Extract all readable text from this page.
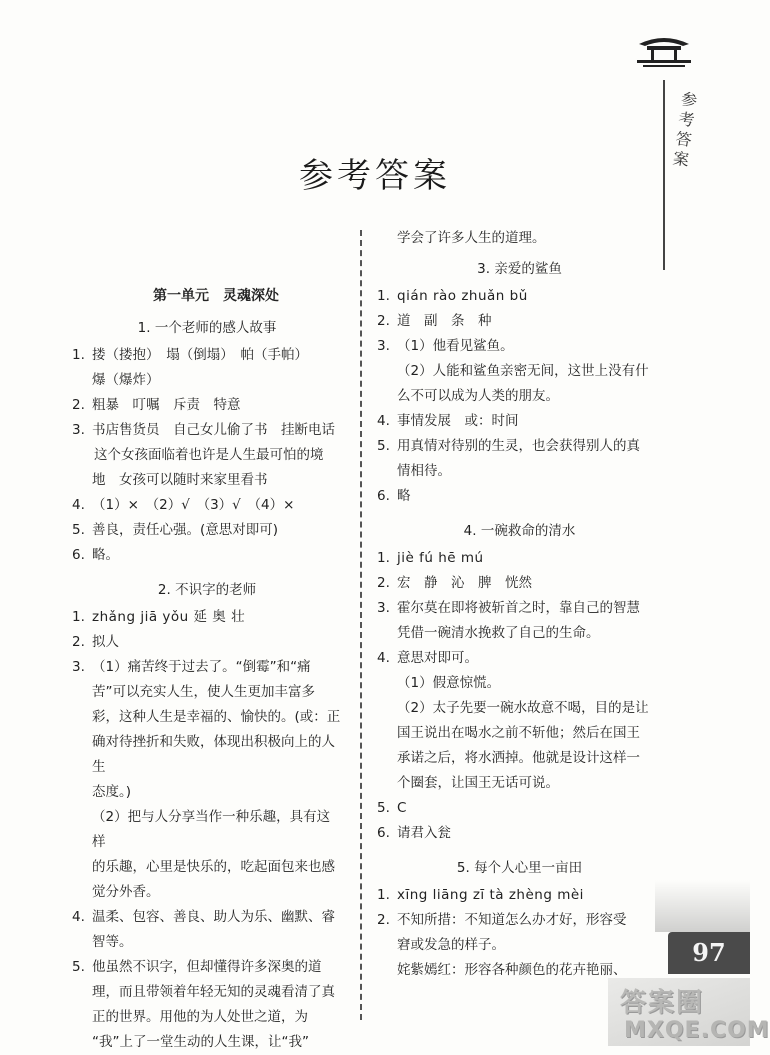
参
考
答
案
参考答案
第一单元　灵魂深处
1. 一个老师的感人故事
1. 搂（搂抱）　塌（倒塌）　帕（手帕）
爆（爆炸）
2. 粗暴　叮嘱　斥责　特意
3. 书店售货员　自己女儿偷了书　挂断电话
这个女孩面临着也许是人生最可怕的境
地　女孩可以随时来家里看书
4. （1）×　（2）√　（3）√　（4）×
5. 善良，责任心强。(意思对即可)
6. 略。
2. 不识字的老师
1. zhǎng jiā yǒu 延 奥 壮
2. 拟人
3. （1）痛苦终于过去了。“倒霉”和“痛
苦”可以充实人生，使人生更加丰富多
彩，这种人生是幸福的、愉快的。(或：正
确对待挫折和失败，体现出积极向上的人生
态度。)
（2）把与人分享当作一种乐趣，具有这样
的乐趣，心里是快乐的，吃起面包来也感
觉分外香。
4. 温柔、包容、善良、助人为乐、幽默、睿
智等。
5. 他虽然不识字，但却懂得许多深奥的道
理，而且带领着年轻无知的灵魂看清了真
正的世界。用他的为人处世之道，为
“我”上了一堂生动的人生课，让“我”
学会了许多人生的道理。
3. 亲爱的鲨鱼
1. qián rào zhuǎn bǔ
2. 道　副　条　种
3. （1）他看见鲨鱼。
（2）人能和鲨鱼亲密无间，这世上没有什
么不可以成为人类的朋友。
4. 事情发展　或：时间
5. 用真情对待别的生灵，也会获得别人的真
情相待。
6. 略
4. 一碗救命的清水
1. jiè fú hē mú
2. 宏　静　沁　脾　恍然
3. 霍尔莫在即将被斩首之时，靠自己的智慧
凭借一碗清水挽救了自己的生命。
4. 意思对即可。
（1）假意惊慌。
（2）太子先要一碗水故意不喝，目的是让
国王说出在喝水之前不斩他；然后在国王
承诺之后，将水洒掉。他就是设计这样一
个圈套，让国王无话可说。
5. C
6. 请君入瓮
5. 每个人心里一亩田
1. xīng liāng zī tà zhèng mèi
2. 不知所措：不知道怎么办才好，形容受
窘或发急的样子。
姹紫嫣红：形容各种颜色的花卉艳丽、
97
答案圈
MXQE.COM
